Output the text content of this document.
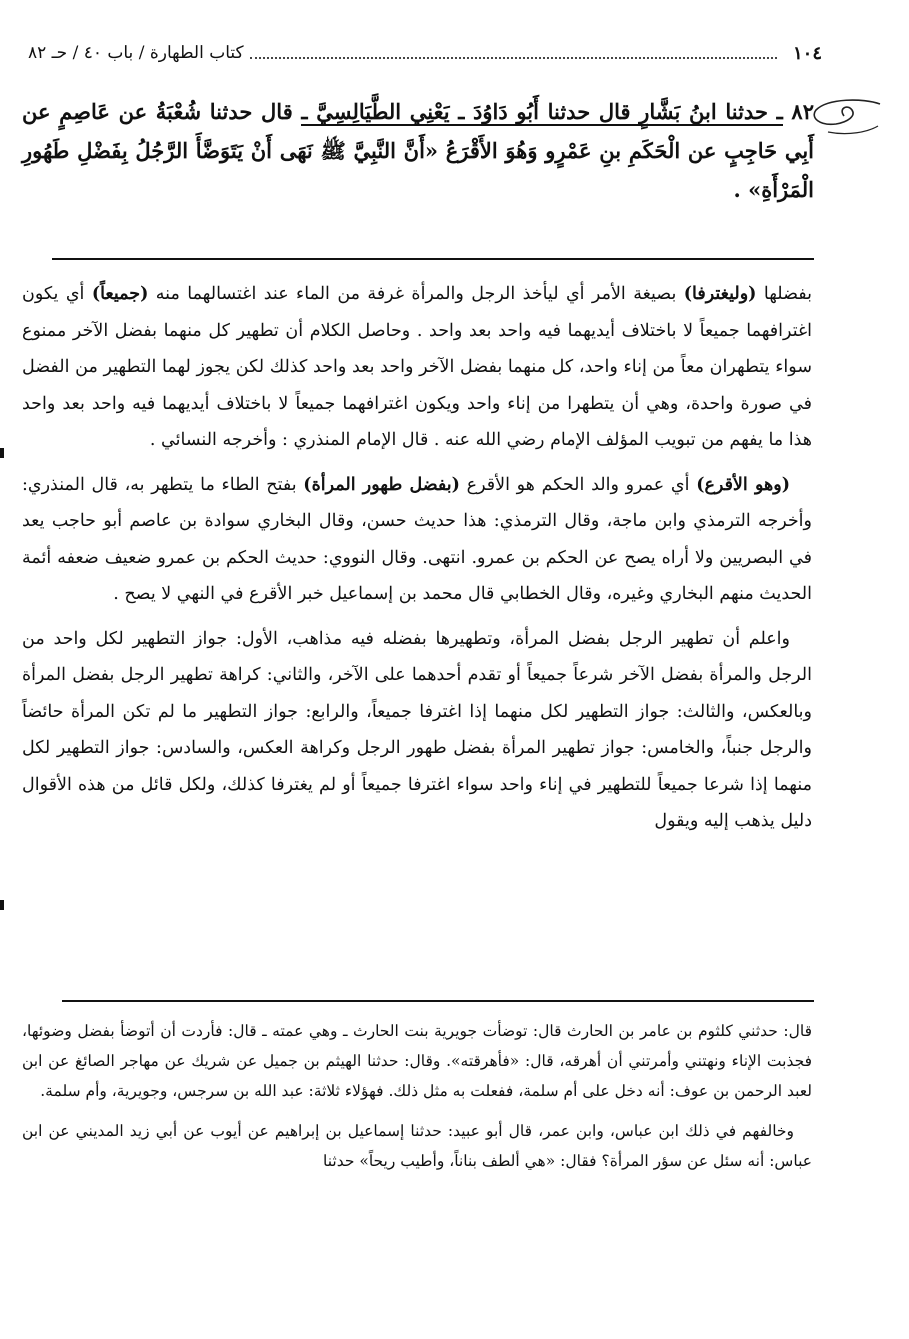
١٠٤
كتاب الطهارة / باب ٤٠ / حـ ٨٢
٨٢ ـ حدثنا ابنُ بَشَّارٍ قال حدثنا أَبُو دَاوُدَ ـ يَعْنِي الطَّيَالِسِيَّ ـ قال حدثنا شُعْبَةُ عن عَاصِمٍ عن أَبِي حَاجِبٍ عن الْحَكَمِ بنِ عَمْرٍو وَهُوَ الأَقْرَعُ «أَنَّ النَّبِيَّ ﷺ نَهَى أَنْ يَتَوَضَّأَ الرَّجُلُ بِفَضْلِ طَهُورِ الْمَرْأَةِ» .

بفضلها (وليغترفا) بصيغة الأمر أي ليأخذ الرجل والمرأة غرفة من الماء عند اغتسالهما منه (جميعاً) أي يكون اغترافهما جميعاً لا باختلاف أيديهما فيه واحد بعد واحد . وحاصل الكلام أن تطهير كل منهما بفضل الآخر ممنوع سواء يتطهران معاً من إناء واحد، كل منهما بفضل الآخر واحد بعد واحد كذلك لكن يجوز لهما التطهير من الفضل في صورة واحدة، وهي أن يتطهرا من إناء واحد ويكون اغترافهما جميعاً لا باختلاف أيديهما فيه واحد بعد واحد هذا ما يفهم من تبويب المؤلف الإمام رضي الله عنه . قال الإمام المنذري : وأخرجه النسائي .

(وهو الأقرع) أي عمرو والد الحكم هو الأقرع (بفضل طهور المرأة) بفتح الطاء ما يتطهر به، قال المنذري: وأخرجه الترمذي وابن ماجة، وقال الترمذي: هذا حديث حسن، وقال البخاري سوادة بن عاصم أبو حاجب يعد في البصريين ولا أراه يصح عن الحكم بن عمرو. انتهى. وقال النووي: حديث الحكم بن عمرو ضعيف ضعفه أئمة الحديث منهم البخاري وغيره، وقال الخطابي قال محمد بن إسماعيل خبر الأقرع في النهي لا يصح .

واعلم أن تطهير الرجل بفضل المرأة، وتطهيرها بفضله فيه مذاهب، الأول: جواز التطهير لكل واحد من الرجل والمرأة بفضل الآخر شرعاً جميعاً أو تقدم أحدهما على الآخر، والثاني: كراهة تطهير الرجل بفضل المرأة وبالعكس، والثالث: جواز التطهير لكل منهما إذا اغترفا جميعاً، والرابع: جواز التطهير ما لم تكن المرأة حائضاً والرجل جنباً، والخامس: جواز تطهير المرأة بفضل طهور الرجل وكراهة العكس، والسادس: جواز التطهير لكل منهما إذا شرعا جميعاً للتطهير في إناء واحد سواء اغترفا جميعاً أو لم يغترفا كذلك، ولكل قائل من هذه الأقوال دليل يذهب إليه ويقول

قال: حدثني كلثوم بن عامر بن الحارث قال: توضأت جويرية بنت الحارث ـ وهي عمته ـ قال: فأردت أن أتوضأ بفضل وضوئها، فجذبت الإناء ونهتني وأمرتني أن أهرقه، قال: «فأهرقته». وقال: حدثنا الهيثم بن جميل عن شريك عن مهاجر الصائغ عن ابن لعبد الرحمن بن عوف: أنه دخل على أم سلمة، ففعلت به مثل ذلك. فهؤلاء ثلاثة: عبد الله بن سرجس، وجويرية، وأم سلمة.

وخالفهم في ذلك ابن عباس، وابن عمر، قال أبو عبيد: حدثنا إسماعيل بن إبراهيم عن أيوب عن أبي زيد المديني عن ابن عباس: أنه سئل عن سؤر المرأة؟ فقال: «هي ألطف بناناً، وأطيب ريحاً» حدثنا
